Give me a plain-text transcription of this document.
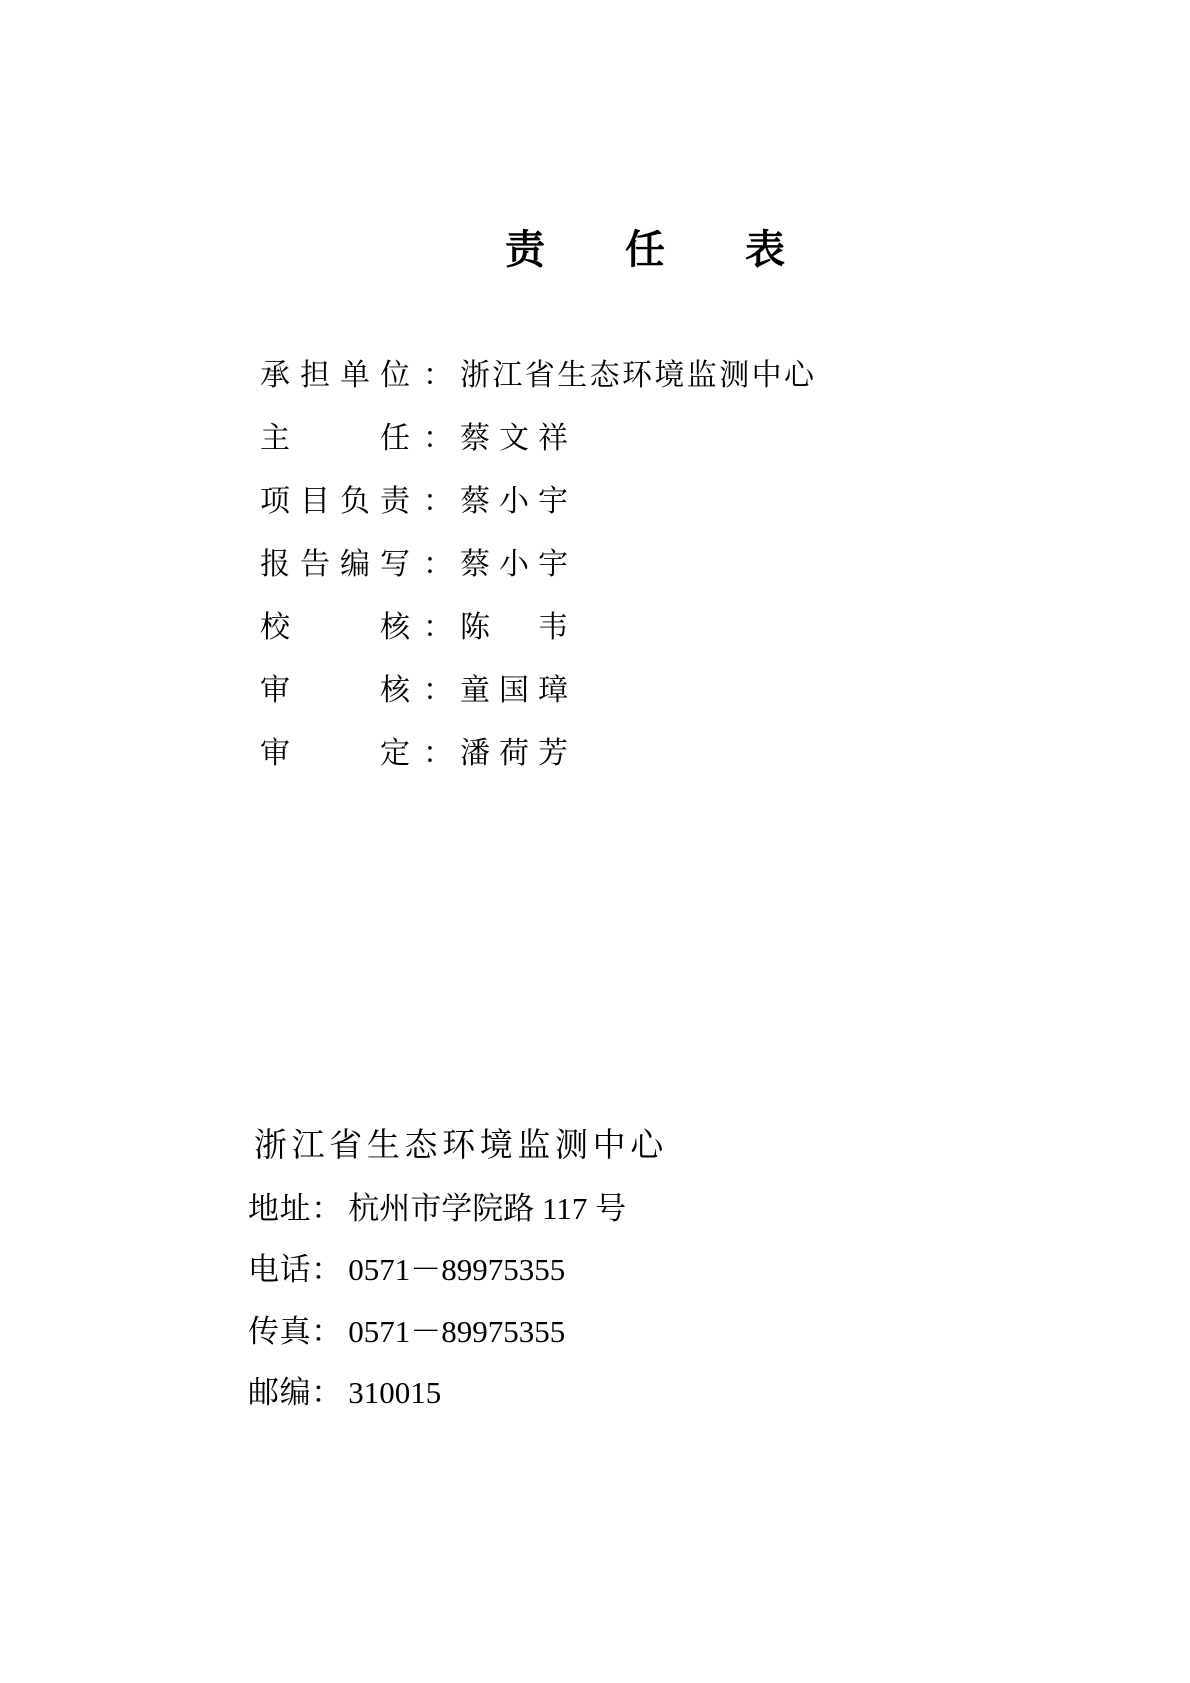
责 任 表
承担单位 ： 浙江省生态环境监测中心
主任 ： 蔡文祥
项目负责 ： 蔡小宇
报告编写 ： 蔡小宇
校核 ： 陈　韦
审核 ： 童国璋
审定 ： 潘荷芳
浙江省生态环境监测中心
地址： 杭州市学院路 117 号
电话： 0571－89975355
传真： 0571－89975355
邮编： 310015
